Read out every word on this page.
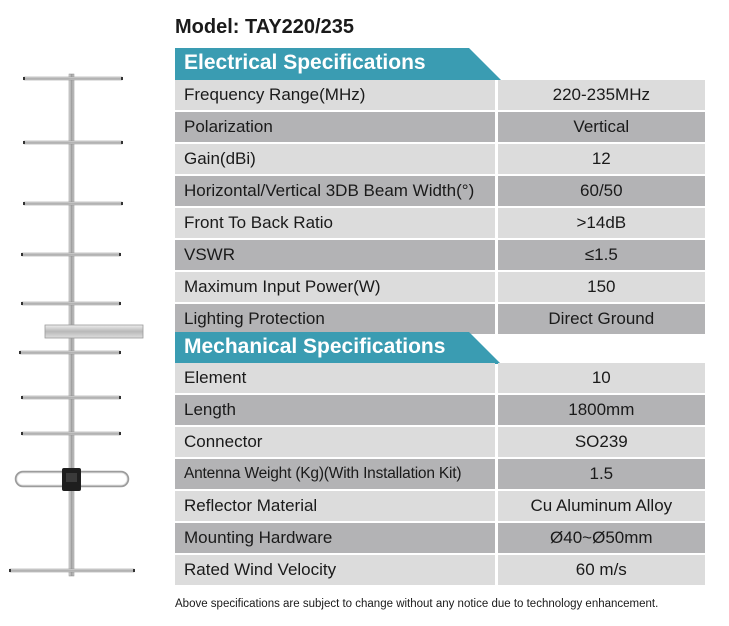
Model: TAY220/235
Electrical Specifications
Frequency Range(MHz)	220-235MHz
Polarization	Vertical
Gain(dBi)	12
Horizontal/Vertical 3DB Beam Width(°)	60/50
Front To Back Ratio	>14dB
VSWR	≤1.5
Maximum Input Power(W)	150
Lighting Protection	Direct Ground
Mechanical Specifications
Element	10
Length	1800mm
Connector	SO239
Antenna Weight (Kg)(With Installation Kit)	1.5
Reflector Material	Cu Aluminum Alloy
Mounting Hardware	Ø40~Ø50mm
Rated Wind Velocity	60 m/s
Above specifications are subject to change without any notice due to technology enhancement.
